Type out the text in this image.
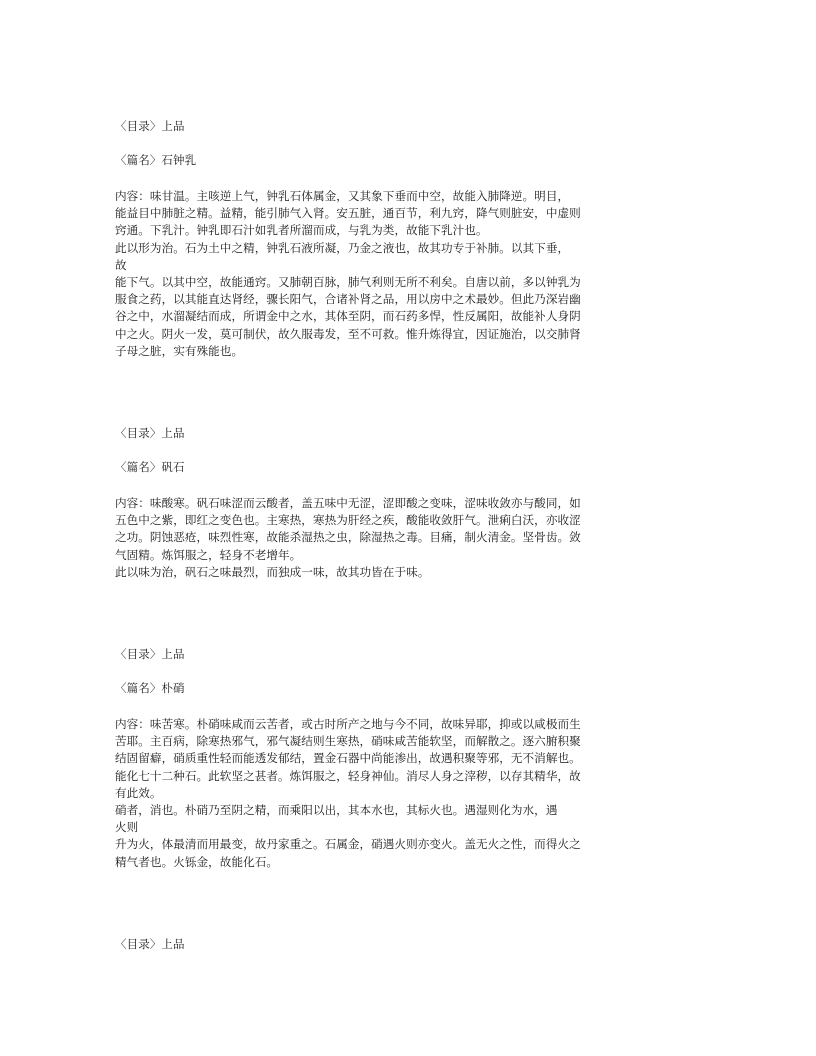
〈目录〉上品

〈篇名〉石钟乳

内容：味甘温。主咳逆上气，钟乳石体属金，又其象下垂而中空，故能入肺降逆。明目，

能益目中肺脏之精。益精，能引肺气入肾。安五脏，通百节，利九窍，降气则脏安，中虚则

窍通。下乳汁。钟乳即石汁如乳者所溜而成，与乳为类，故能下乳汁也。

此以形为治。石为土中之精，钟乳石液所凝，乃金之液也，故其功专于补肺。以其下垂，

故

能下气。以其中空，故能通窍。又肺朝百脉，肺气利则无所不利矣。自唐以前，多以钟乳为

服食之药，以其能直达肾经，骤长阳气，合诸补肾之品，用以房中之术最妙。但此乃深岩幽

谷之中，水溜凝结而成，所谓金中之水，其体至阴，而石药多悍，性反属阳，故能补人身阴

中之火。阴火一发，莫可制伏，故久服毒发，至不可救。惟升炼得宜，因证施治，以交肺肾

子母之脏，实有殊能也。

〈目录〉上品

〈篇名〉矾石

内容：味酸寒。矾石味涩而云酸者，盖五味中无涩，涩即酸之变味，涩味收敛亦与酸同，如

五色中之紫，即红之变色也。主寒热，寒热为肝经之疾，酸能收敛肝气。泄痢白沃，亦收涩

之功。阴蚀恶疮，味烈性寒，故能杀湿热之虫，除湿热之毒。目痛，制火清金。坚骨齿。敛

气固精。炼饵服之，轻身不老增年。

此以味为治，矾石之味最烈，而独成一味，故其功皆在于味。

〈目录〉上品

〈篇名〉朴硝

内容：味苦寒。朴硝味咸而云苦者，或古时所产之地与今不同，故味异耶，抑或以咸极而生

苦耶。主百病，除寒热邪气，邪气凝结则生寒热，硝味咸苦能软坚，而解散之。逐六腑积聚

结固留癖，硝质重性轻而能透发郁结，置金石器中尚能渗出，故遇积聚等邪，无不消解也。

能化七十二种石。此软坚之甚者。炼饵服之，轻身神仙。消尽人身之滓秽，以存其精华，故

有此效。

硝者，消也。朴硝乃至阴之精，而乘阳以出，其本水也，其标火也。遇湿则化为水，遇

火则

升为火，体最清而用最变，故丹家重之。石属金，硝遇火则亦变火。盖无火之性，而得火之

精气者也。火铄金，故能化石。

〈目录〉上品
